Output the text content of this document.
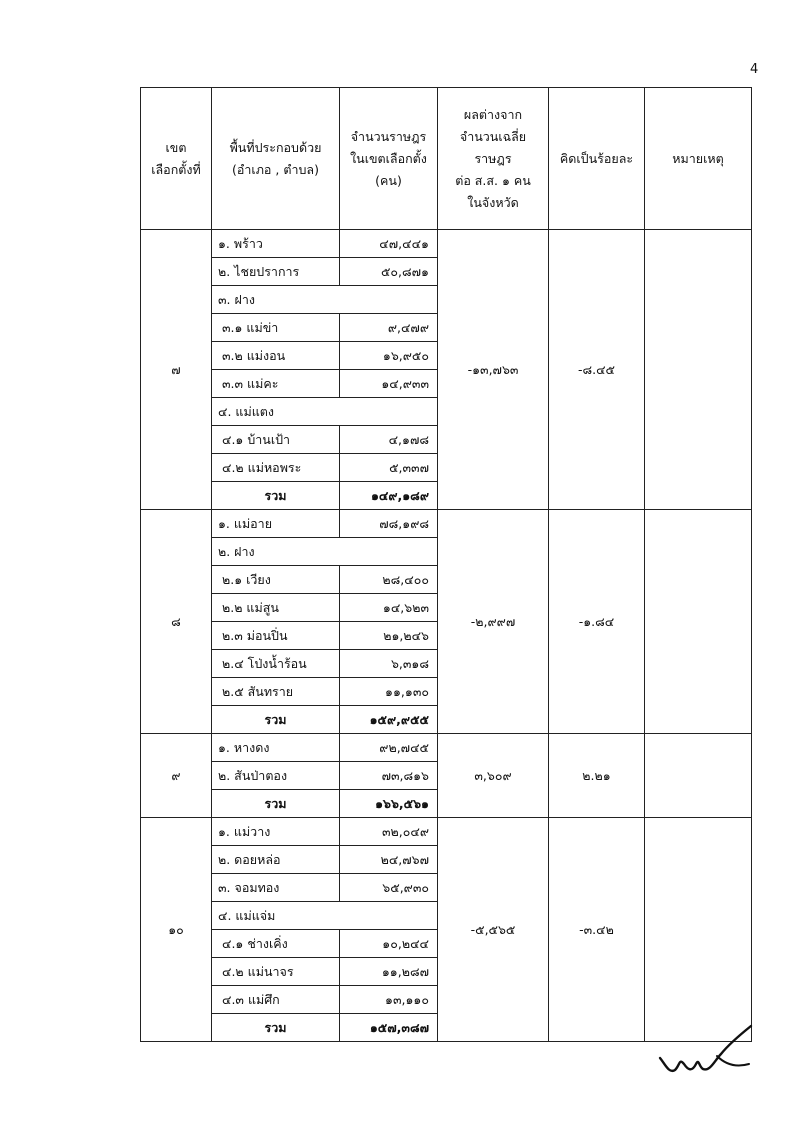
4
เขต
เลือกตั้งที่	พื้นที่ประกอบด้วย
(อำเภอ , ตำบล)	จำนวนราษฎร
ในเขตเลือกตั้ง
(คน)	ผลต่างจาก
จำนวนเฉลี่ย
ราษฎร
ต่อ ส.ส. ๑ คน
ในจังหวัด	คิดเป็นร้อยละ	หมายเหตุ
๗	๑. พร้าว	๔๗,๔๔๑	-๑๓,๗๖๓	-๘.๔๕	
	๒. ไชยปราการ	๕๐,๘๗๑			
	๓. ฝาง				
	๓.๑ แม่ข่า	๙,๔๗๙			
	๓.๒ แม่งอน	๑๖,๙๕๐			
	๓.๓ แม่คะ	๑๔,๙๓๓			
	๔. แม่แตง				
	๔.๑ บ้านเป้า	๔,๑๗๘			
	๔.๒ แม่หอพระ	๕,๓๓๗			
	รวม	๑๔๙,๑๘๙			
๘	๑. แม่อาย	๗๘,๑๙๘	-๒,๙๙๗	-๑.๘๔	
	๒. ฝาง				
	๒.๑ เวียง	๒๘,๔๐๐			
	๒.๒ แม่สูน	๑๔,๖๒๓			
	๒.๓ ม่อนปิ่น	๒๑,๒๔๖			
	๒.๔ โป่งน้ำร้อน	๖,๓๑๘			
	๒.๕ สันทราย	๑๑,๑๓๐			
	รวม	๑๕๙,๙๕๕			
๙	๑. หางดง	๙๒,๗๔๕	๓,๖๐๙	๒.๒๑	
	๒. สันป่าตอง	๗๓,๘๑๖			
	รวม	๑๖๖,๕๖๑			
๑๐	๑. แม่วาง	๓๒,๐๔๙	-๕,๕๖๕	-๓.๔๒	
	๒. ดอยหล่อ	๒๔,๗๖๗			
	๓. จอมทอง	๖๕,๙๓๐			
	๔. แม่แจ่ม				
	๔.๑ ช่างเคิ่ง	๑๐,๒๔๔			
	๔.๒ แม่นาจร	๑๑,๒๘๗			
	๔.๓ แม่ศึก	๑๓,๑๑๐			
	รวม	๑๕๗,๓๘๗			
